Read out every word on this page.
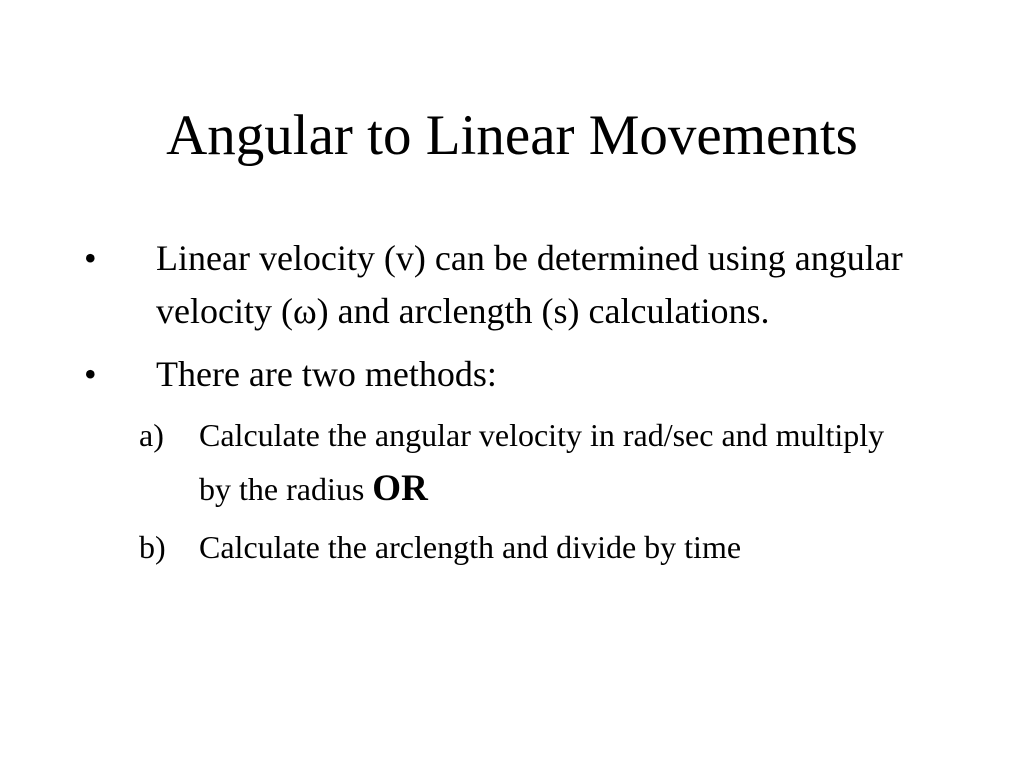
Angular to Linear Movements
•	Linear velocity (v) can be determined using angular velocity (ω) and arclength (s) calculations.
•	There are two methods:
a) Calculate the angular velocity in rad/sec and multiply by the radius OR
b) Calculate the arclength and divide by time
